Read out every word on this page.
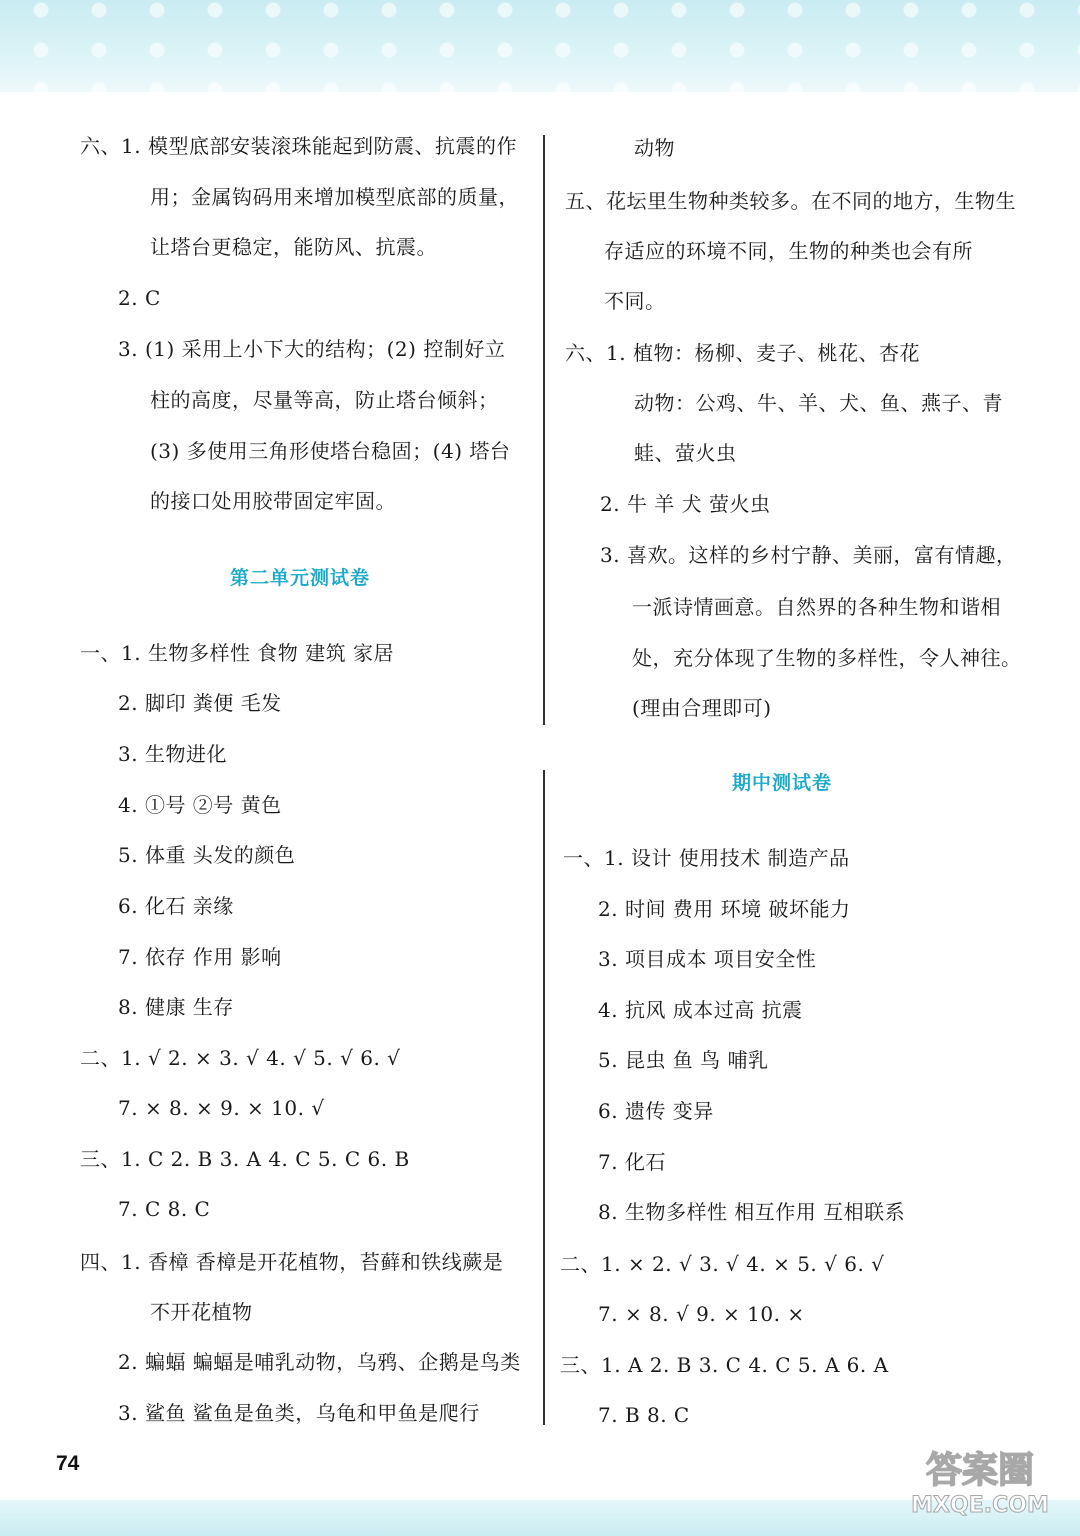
六、1. 模型底部安装滚珠能起到防震、抗震的作
用；金属钩码用来增加模型底部的质量，
让塔台更稳定，能防风、抗震。
2. C
3. (1) 采用上小下大的结构；(2) 控制好立
柱的高度，尽量等高，防止塔台倾斜；
(3) 多使用三角形使塔台稳固；(4) 塔台
的接口处用胶带固定牢固。
第二单元测试卷
一、1. 生物多样性 食物 建筑 家居
2. 脚印 粪便 毛发
3. 生物进化
4. ①号 ②号 黄色
5. 体重 头发的颜色
6. 化石 亲缘
7. 依存 作用 影响
8. 健康 生存
二、1. √ 2. × 3. √ 4. √ 5. √ 6. √
7. × 8. × 9. × 10. √
三、1. C 2. B 3. A 4. C 5. C 6. B
7. C 8. C
四、1. 香樟 香樟是开花植物，苔藓和铁线蕨是
不开花植物
2. 蝙蝠 蝙蝠是哺乳动物，乌鸦、企鹅是鸟类
3. 鲨鱼 鲨鱼是鱼类，乌龟和甲鱼是爬行
动物
五、花坛里生物种类较多。在不同的地方，生物生
存适应的环境不同，生物的种类也会有所
不同。
六、1. 植物：杨柳、麦子、桃花、杏花
动物：公鸡、牛、羊、犬、鱼、燕子、青
蛙、萤火虫
2. 牛 羊 犬 萤火虫
3. 喜欢。这样的乡村宁静、美丽，富有情趣，
一派诗情画意。自然界的各种生物和谐相
处，充分体现了生物的多样性，令人神往。
(理由合理即可)
期中测试卷
一、1. 设计 使用技术 制造产品
2. 时间 费用 环境 破坏能力
3. 项目成本 项目安全性
4. 抗风 成本过高 抗震
5. 昆虫 鱼 鸟 哺乳
6. 遗传 变异
7. 化石
8. 生物多样性 相互作用 互相联系
二、1. × 2. √ 3. √ 4. × 5. √ 6. √
7. × 8. √ 9. × 10. ×
三、1. A 2. B 3. C 4. C 5. A 6. A
7. B 8. C
74	答案圈
MXQE.COM
